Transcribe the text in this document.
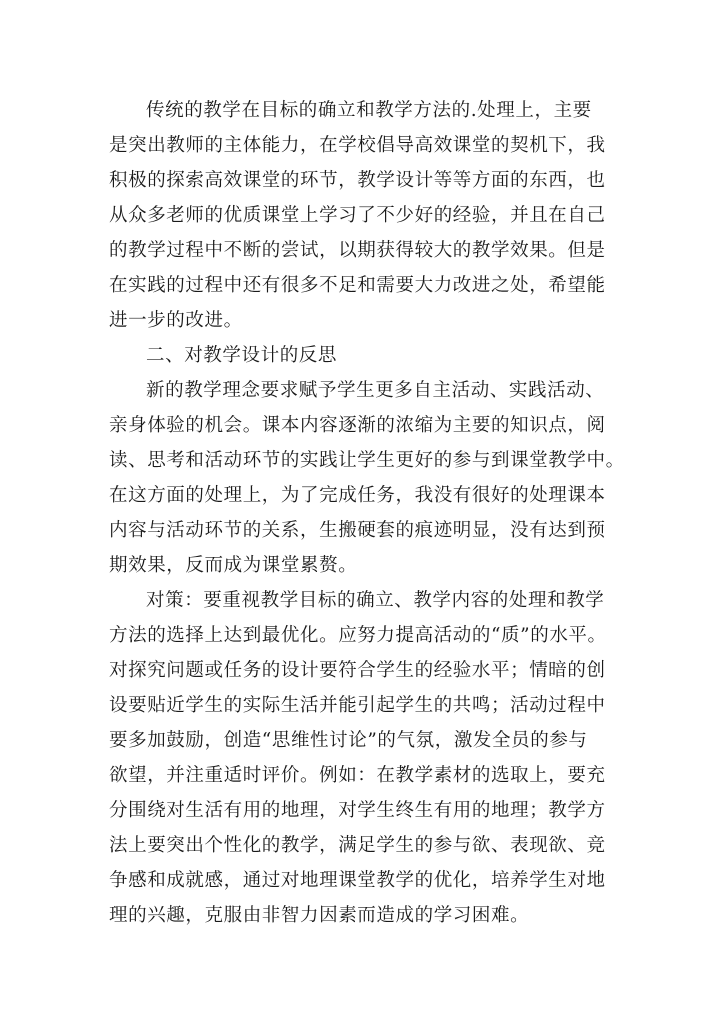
传统的教学在目标的确立和教学方法的.处理上，主要
是突出教师的主体能力，在学校倡导高效课堂的契机下，我
积极的探索高效课堂的环节，教学设计等等方面的东西，也
从众多老师的优质课堂上学习了不少好的经验，并且在自己
的教学过程中不断的尝试，以期获得较大的教学效果。但是
在实践的过程中还有很多不足和需要大力改进之处，希望能
进一步的改进。
二、对教学设计的反思
新的教学理念要求赋予学生更多自主活动、实践活动、
亲身体验的机会。课本内容逐渐的浓缩为主要的知识点，阅
读、思考和活动环节的实践让学生更好的参与到课堂教学中。
在这方面的处理上，为了完成任务，我没有很好的处理课本
内容与活动环节的关系，生搬硬套的痕迹明显，没有达到预
期效果，反而成为课堂累赘。
对策：要重视教学目标的确立、教学内容的处理和教学
方法的选择上达到最优化。应努力提高活动的“质”的水平。
对探究问题或任务的设计要符合学生的经验水平；情暗的创
设要贴近学生的实际生活并能引起学生的共鸣；活动过程中
要多加鼓励，创造“思维性讨论”的气氛，激发全员的参与
欲望，并注重适时评价。例如：在教学素材的选取上，要充
分围绕对生活有用的地理，对学生终生有用的地理；教学方
法上要突出个性化的教学，满足学生的参与欲、表现欲、竞
争感和成就感，通过对地理课堂教学的优化，培养学生对地
理的兴趣，克服由非智力因素而造成的学习困难。
